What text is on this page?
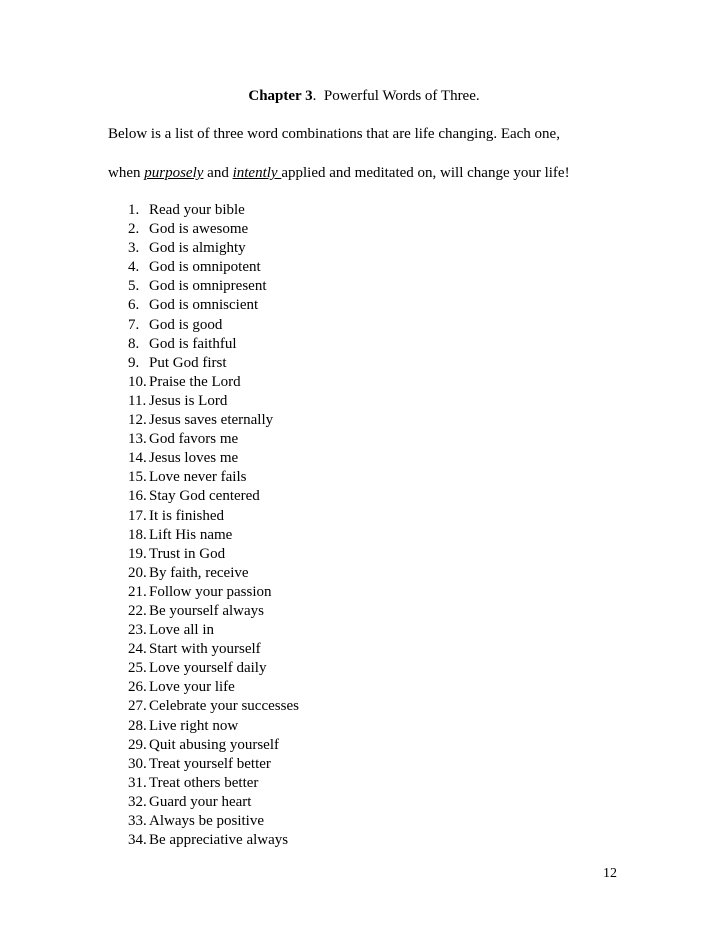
Chapter 3. Powerful Words of Three.
Below is a list of three word combinations that are life changing. Each one,
when purposely and intently applied and meditated on, will change your life!
1. Read your bible
2. God is awesome
3. God is almighty
4. God is omnipotent
5. God is omnipresent
6. God is omniscient
7. God is good
8. God is faithful
9. Put God first
10. Praise the Lord
11. Jesus is Lord
12. Jesus saves eternally
13. God favors me
14. Jesus loves me
15. Love never fails
16. Stay God centered
17. It is finished
18. Lift His name
19. Trust in God
20. By faith, receive
21. Follow your passion
22. Be yourself always
23. Love all in
24. Start with yourself
25. Love yourself daily
26. Love your life
27. Celebrate your successes
28. Live right now
29. Quit abusing yourself
30. Treat yourself better
31. Treat others better
32. Guard your heart
33. Always be positive
34. Be appreciative always
12
